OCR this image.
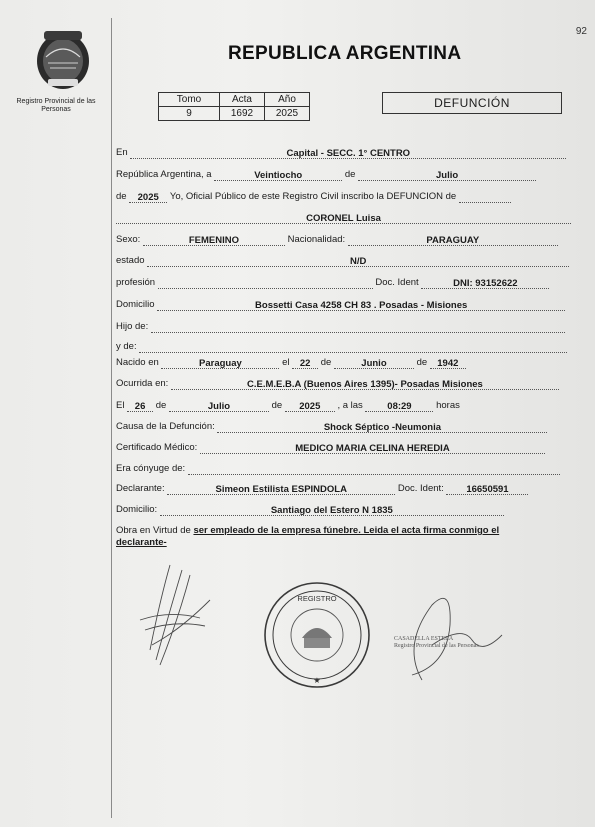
92
Registro Provincial de las Personas
REPUBLICA ARGENTINA
Tomo	Acta	Año
9	1692	2025
DEFUNCIÓN
En	Capital - SECC. 1° CENTRO
República Argentina, a	Veintiocho	de	Julio
de 2025 Yo, Oficial Público de este Registro Civil inscribo la DEFUNCION de
CORONEL Luisa
Sexo:	FEMENINO	Nacionalidad:	PARAGUAY
estado	N/D
profesión	Doc. Ident	DNI: 93152622
Domicilio	Bossetti Casa 4258 CH 83 . Posadas - Misiones
Hijo de:
y de:
Nacido en	Paraguay	el 22 de	Junio	de 1942
Ocurrida en:	C.E.M.E.B.A (Buenos Aires 1395)- Posadas Misiones
El 26 de	Julio	de 2025 , a las	08:29	horas
Causa de la Defunción:	Shock Séptico -Neumonia
Certificado Médico:	MEDICO MARIA CELINA HEREDIA
Era cónyuge de:
Declarante:	Simeon Estilista ESPINDOLA	Doc. Ident: 16650591
Domicilio:	Santiago del Estero N 1835
Obra en Virtud de ser empleado de la empresa fúnebre. Leida el acta firma conmigo el
declarante-
REGISTRO
★
CASADELLA ESTELA
Registro Provincial de las Personas
